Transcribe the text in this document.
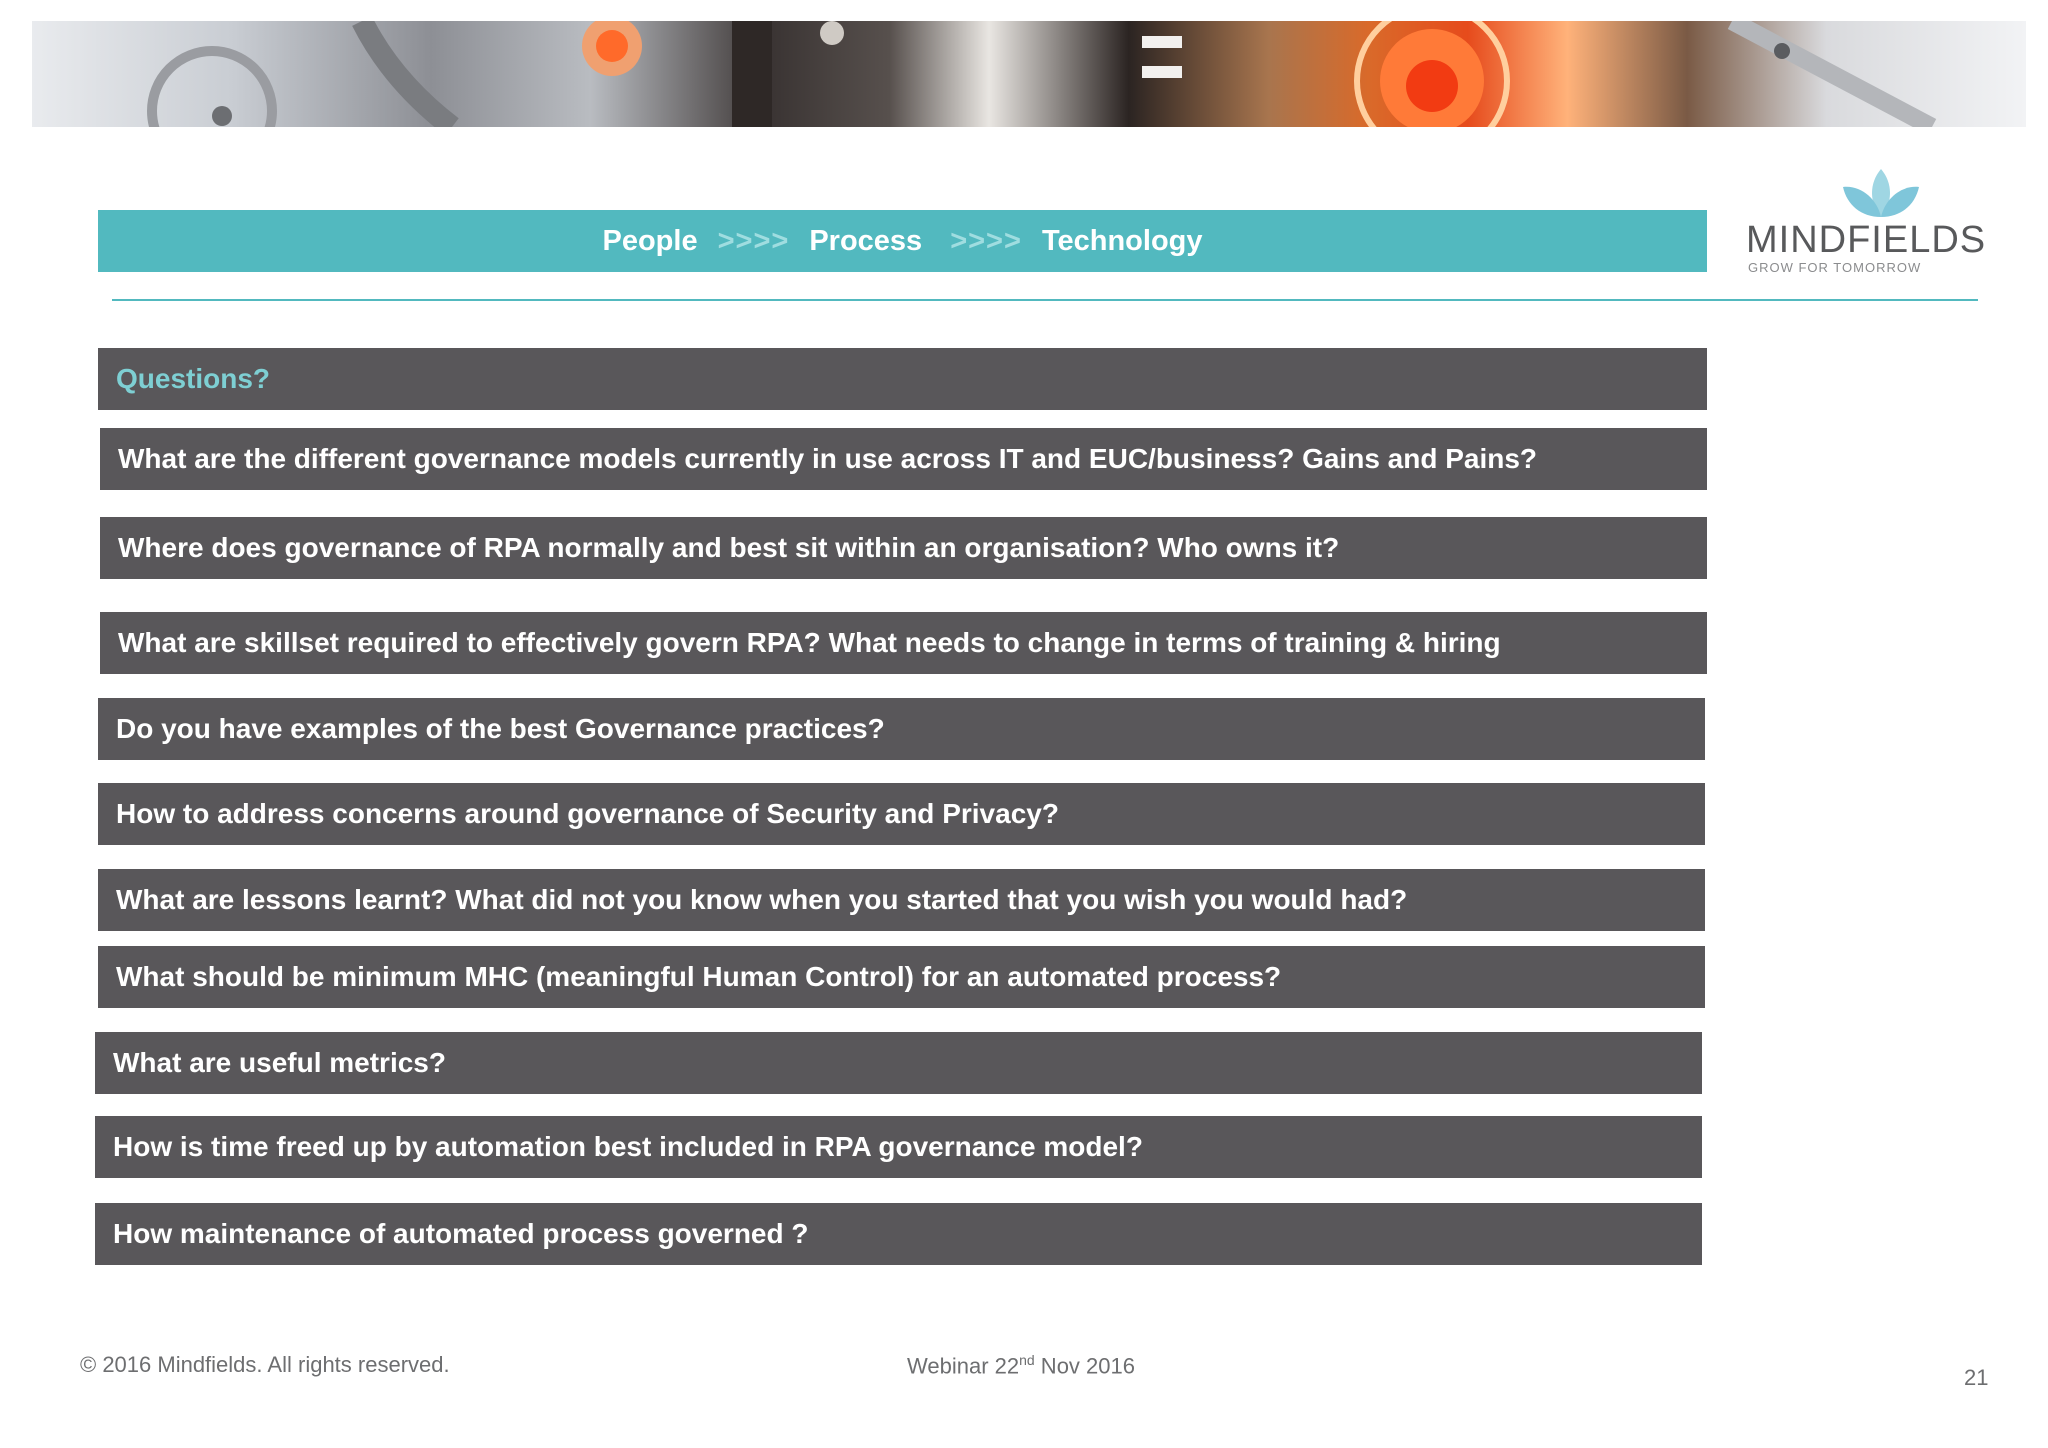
People >>>> Process >>>> Technology	MINDFIELDS
GROW FOR TOMORROW
Questions?
What are the different governance models currently in use across IT and EUC/business? Gains and Pains?
Where does governance of RPA normally and best sit within an organisation? Who owns it?
What are skillset required to effectively govern RPA? What needs to change in terms of training & hiring
Do you have examples of the best Governance practices?
How to address concerns around governance of Security and Privacy?
What are lessons learnt? What did not you know when you started that you wish you would had?
What should be minimum MHC (meaningful Human Control) for an automated process?
What are useful metrics?
How is time freed up by automation best included in RPA governance model?
How maintenance of automated process governed ?
© 2016 Mindfields. All rights reserved.	Webinar 22nd Nov 2016	21
